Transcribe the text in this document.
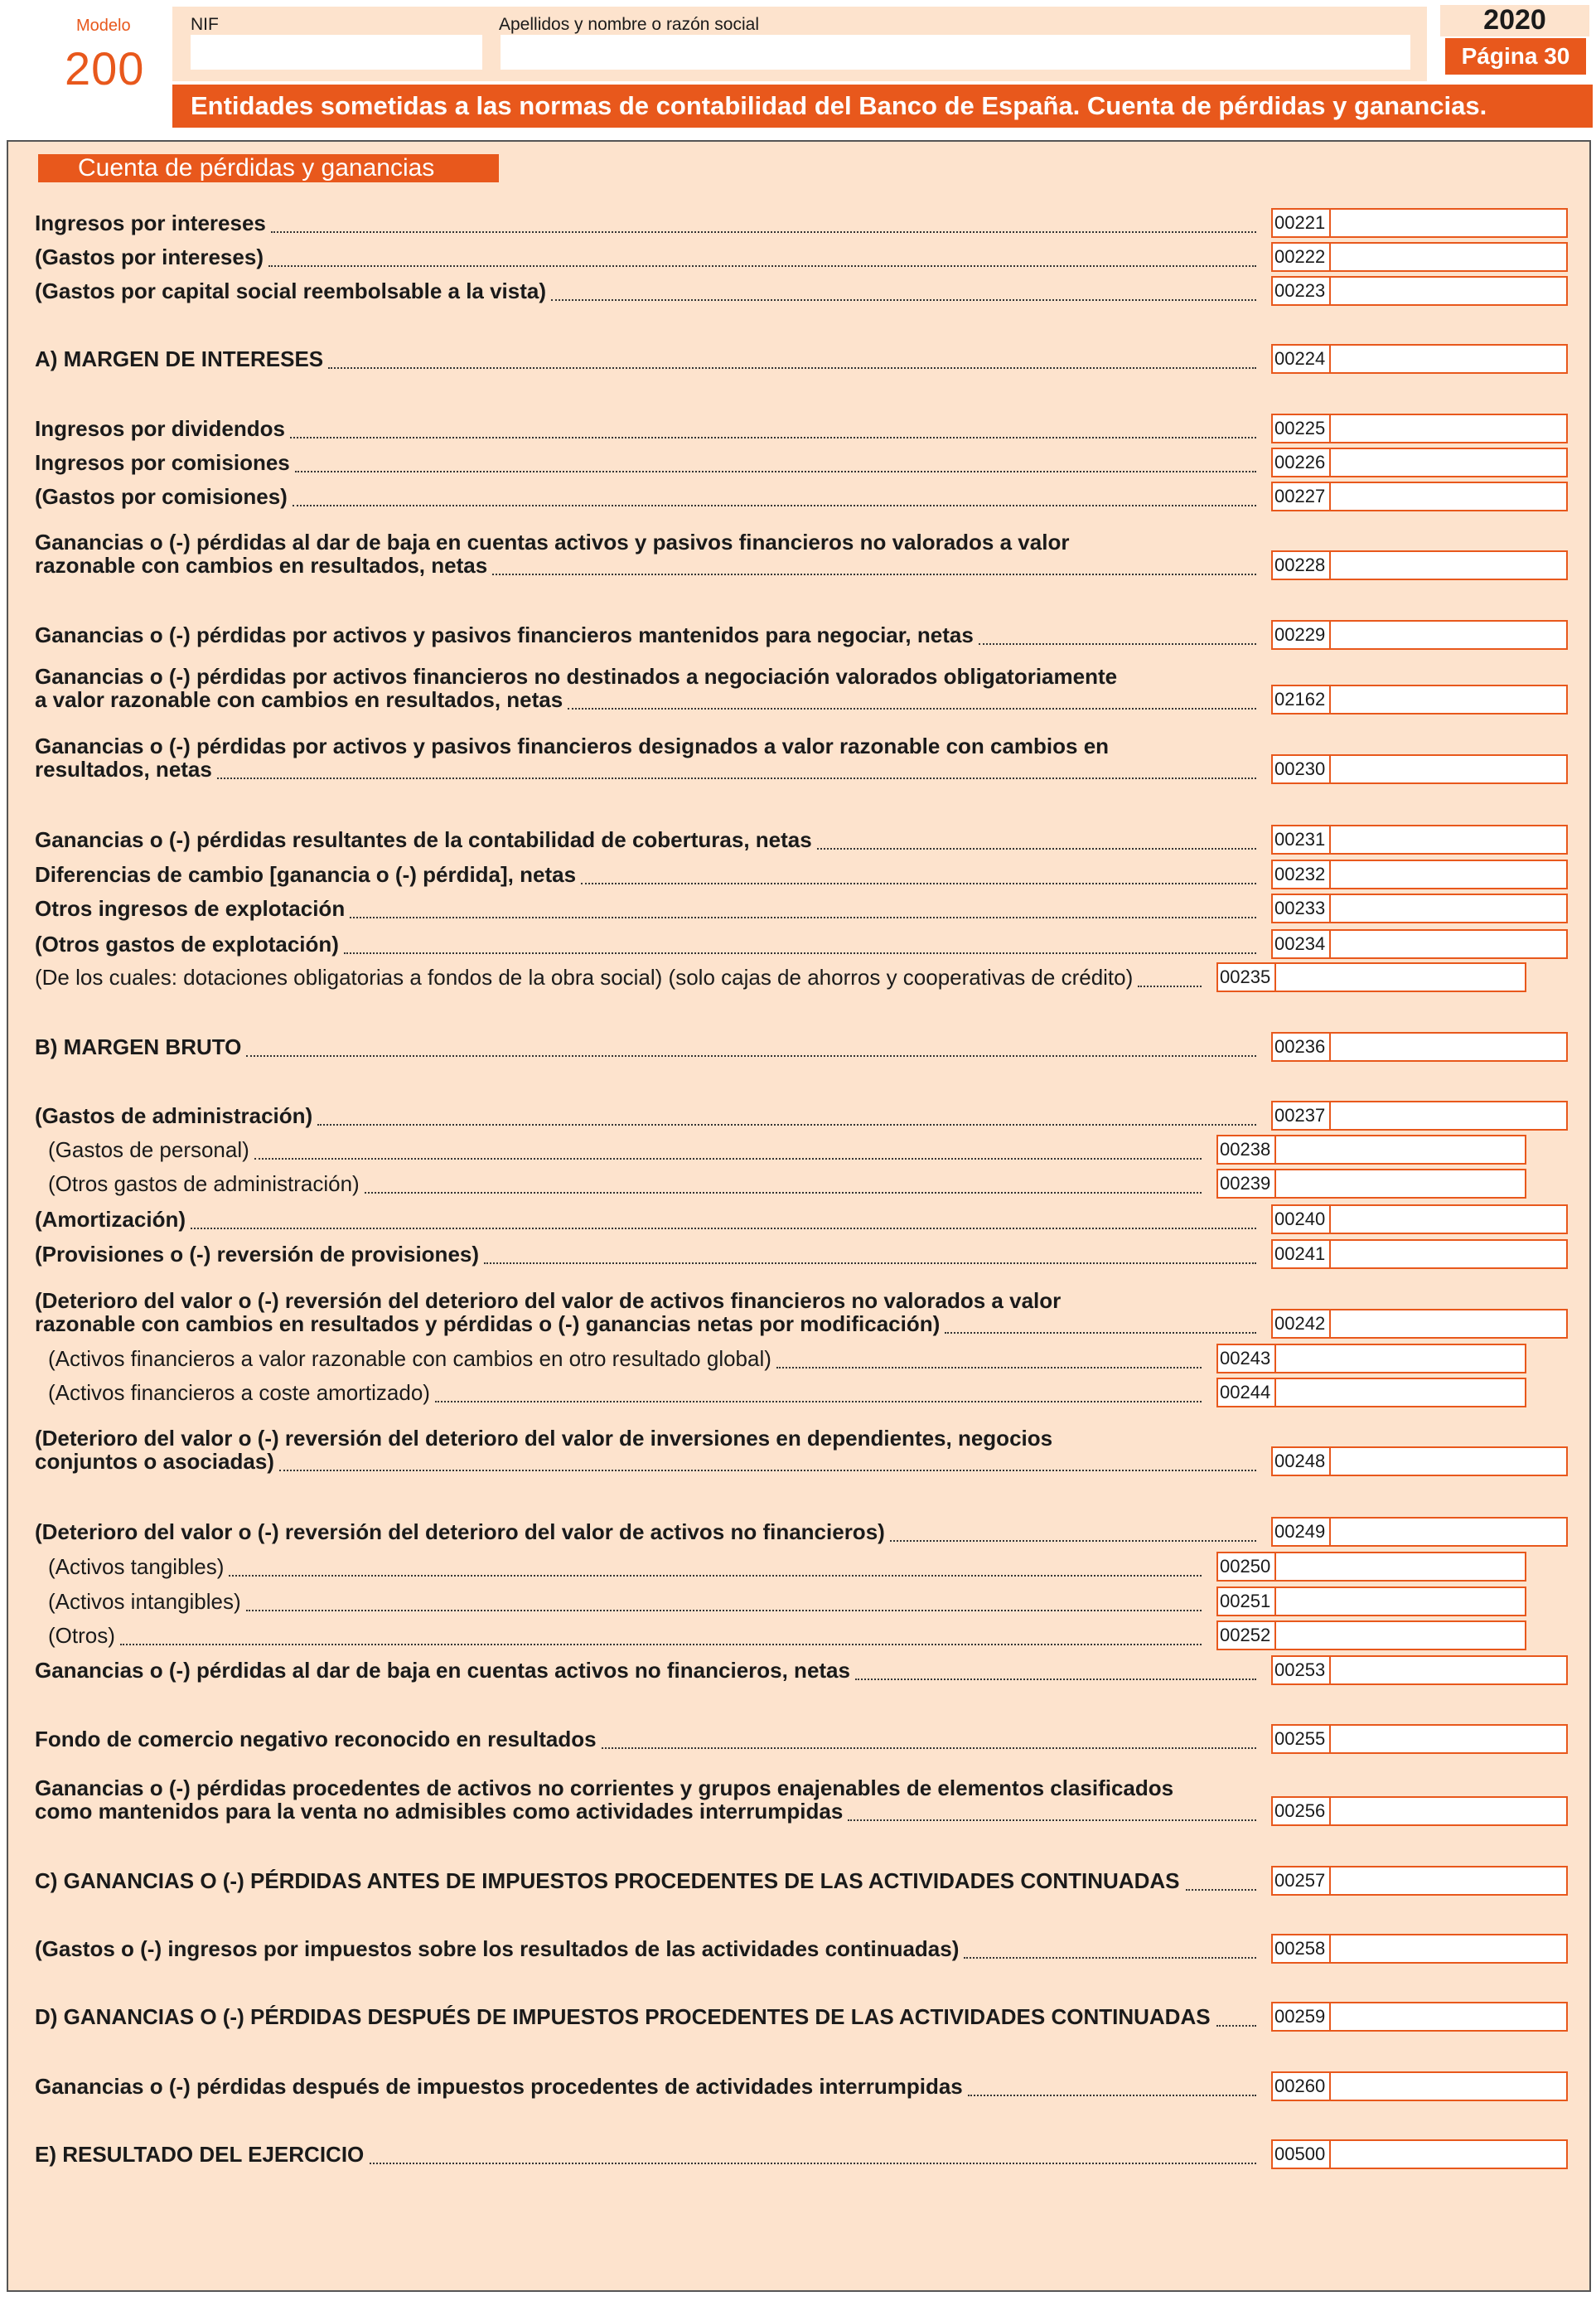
Modelo
200
NIF	Apellidos y nombre o razón social	2020
Página 30
Entidades sometidas a las normas de contabilidad del Banco de España. Cuenta de pérdidas y ganancias.
Cuenta de pérdidas y ganancias
Ingresos por intereses	00221
(Gastos por intereses)	00222
(Gastos por capital social reembolsable a la vista)	00223
A) MARGEN DE INTERESES	00224
Ingresos por dividendos	00225
Ingresos por comisiones	00226
(Gastos por comisiones)	00227
Ganancias o (-) pérdidas al dar de baja en cuentas activos y pasivos financieros no valorados a valor
razonable con cambios en resultados, netas	00228
Ganancias o (-) pérdidas por activos y pasivos financieros mantenidos para negociar, netas	00229
Ganancias o (-) pérdidas por activos financieros no destinados a negociación valorados obligatoriamente
a valor razonable con cambios en resultados, netas	02162
Ganancias o (-) pérdidas por activos y pasivos financieros designados a valor razonable con cambios en
resultados, netas	00230
Ganancias o (-) pérdidas resultantes de la contabilidad de coberturas, netas	00231
Diferencias de cambio [ganancia o (-) pérdida], netas	00232
Otros ingresos de explotación	00233
(Otros gastos de explotación)	00234
(De los cuales: dotaciones obligatorias a fondos de la obra social) (solo cajas de ahorros y cooperativas de crédito)	00235
B) MARGEN BRUTO	00236
(Gastos de administración)	00237
(Gastos de personal)	00238
(Otros gastos de administración)	00239
(Amortización)	00240
(Provisiones o (-) reversión de provisiones)	00241
(Deterioro del valor o (-) reversión del deterioro del valor de activos financieros no valorados a valor
razonable con cambios en resultados y pérdidas o (-) ganancias netas por modificación)	00242
(Activos financieros a valor razonable con cambios en otro resultado global)	00243
(Activos financieros a coste amortizado)	00244
(Deterioro del valor o (-) reversión del deterioro del valor de inversiones en dependientes, negocios
conjuntos o asociadas)	00248
(Deterioro del valor o (-) reversión del deterioro del valor de activos no financieros)	00249
(Activos tangibles)	00250
(Activos intangibles)	00251
(Otros)	00252
Ganancias o (-) pérdidas al dar de baja en cuentas activos no financieros, netas	00253
Fondo de comercio negativo reconocido en resultados	00255
Ganancias o (-) pérdidas procedentes de activos no corrientes y grupos enajenables de elementos clasificados
como mantenidos para la venta no admisibles como actividades interrumpidas	00256
C) GANANCIAS O (-) PÉRDIDAS ANTES DE IMPUESTOS PROCEDENTES DE LAS ACTIVIDADES CONTINUADAS	00257
(Gastos o (-) ingresos por impuestos sobre los resultados de las actividades continuadas)	00258
D) GANANCIAS O (-) PÉRDIDAS DESPUÉS DE IMPUESTOS PROCEDENTES DE LAS ACTIVIDADES CONTINUADAS	00259
Ganancias o (-) pérdidas después de impuestos procedentes de actividades interrumpidas	00260
E) RESULTADO DEL EJERCICIO	00500
